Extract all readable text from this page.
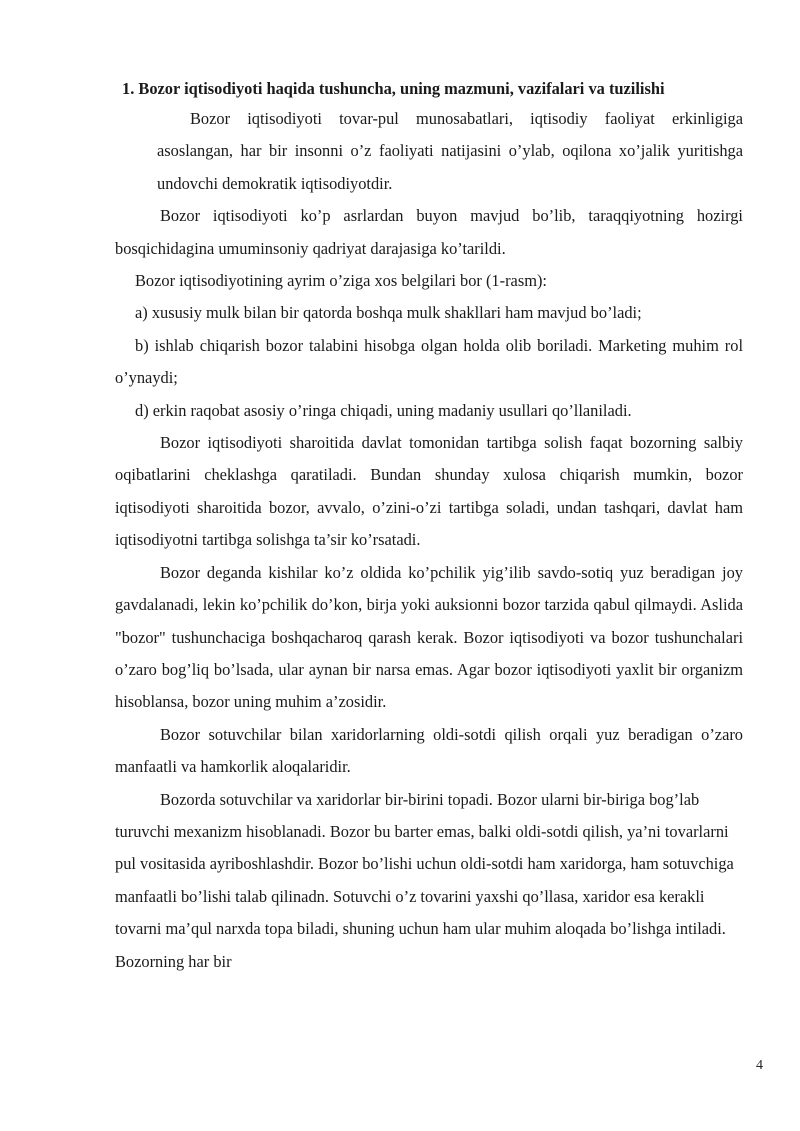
1. Bozor iqtisodiyoti haqida tushuncha, uning mazmuni, vazifalari va tuzilishi

Bozor iqtisodiyoti tovar-pul munosabatlari, iqtisodiy faoliyat erkinligiga asoslangan, har bir insonni o’z faoliyati natijasini o’ylab, oqilona xo’jalik yuritishga undovchi demokratik iqtisodiyotdir.

Bozor iqtisodiyoti ko’p asrlardan buyon mavjud bo’lib, taraqqiyotning hozirgi bosqichidagina umuminsoniy qadriyat darajasiga ko’tarildi.

Bozor iqtisodiyotining ayrim o’ziga xos belgilari bor (1-rasm):

a) xususiy mulk bilan bir qatorda boshqa mulk shakllari ham mavjud bo’ladi;

b) ishlab chiqarish bozor talabini hisobga olgan holda olib boriladi. Marketing muhim rol o’ynaydi;

d) erkin raqobat asosiy o’ringa chiqadi, uning madaniy usullari qo’llaniladi.

Bozor iqtisodiyoti sharoitida davlat tomonidan tartibga solish faqat bozorning salbiy oqibatlarini cheklashga qaratiladi. Bundan shunday xulosa chiqarish mumkin, bozor iqtisodiyoti sharoitida bozor, avvalo, o’zini-o’zi tartibga soladi, undan tashqari, davlat ham iqtisodiyotni tartibga solishga ta’sir ko’rsatadi.

Bozor deganda kishilar ko’z oldida ko’pchilik yig’ilib savdo-sotiq yuz beradigan joy gavdalanadi, lekin ko’pchilik do’kon, birja yoki auksionni bozor tarzida qabul qilmaydi. Aslida "bozor" tushunchaciga boshqacharoq qarash kerak. Bozor iqtisodiyoti va bozor tushunchalari o’zaro bog’liq bo’lsada, ular aynan bir narsa emas. Agar bozor iqtisodiyoti yaxlit bir organizm hisoblansa, bozor uning muhim a’zosidir.

Bozor sotuvchilar bilan xaridorlarning oldi-sotdi qilish orqali yuz beradigan o’zaro manfaatli va hamkorlik aloqalaridir.

Bozorda sotuvchilar va xaridorlar bir-birini topadi. Bozor ularni bir-biriga bog’lab turuvchi mexanizm hisoblanadi. Bozor bu barter emas, balki oldi-sotdi qilish, ya’ni tovarlarni pul vositasida ayriboshlashdir. Bozor bo’lishi uchun oldi-sotdi ham xaridorga, ham sotuvchiga manfaatli bo’lishi talab qilinadn. Sotuvchi o’z tovarini yaxshi qo’llasa, xaridor esa kerakli tovarni ma’qul narxda topa biladi, shuning uchun ham ular muhim aloqada bo’lishga intiladi. Bozorning har bir

4
